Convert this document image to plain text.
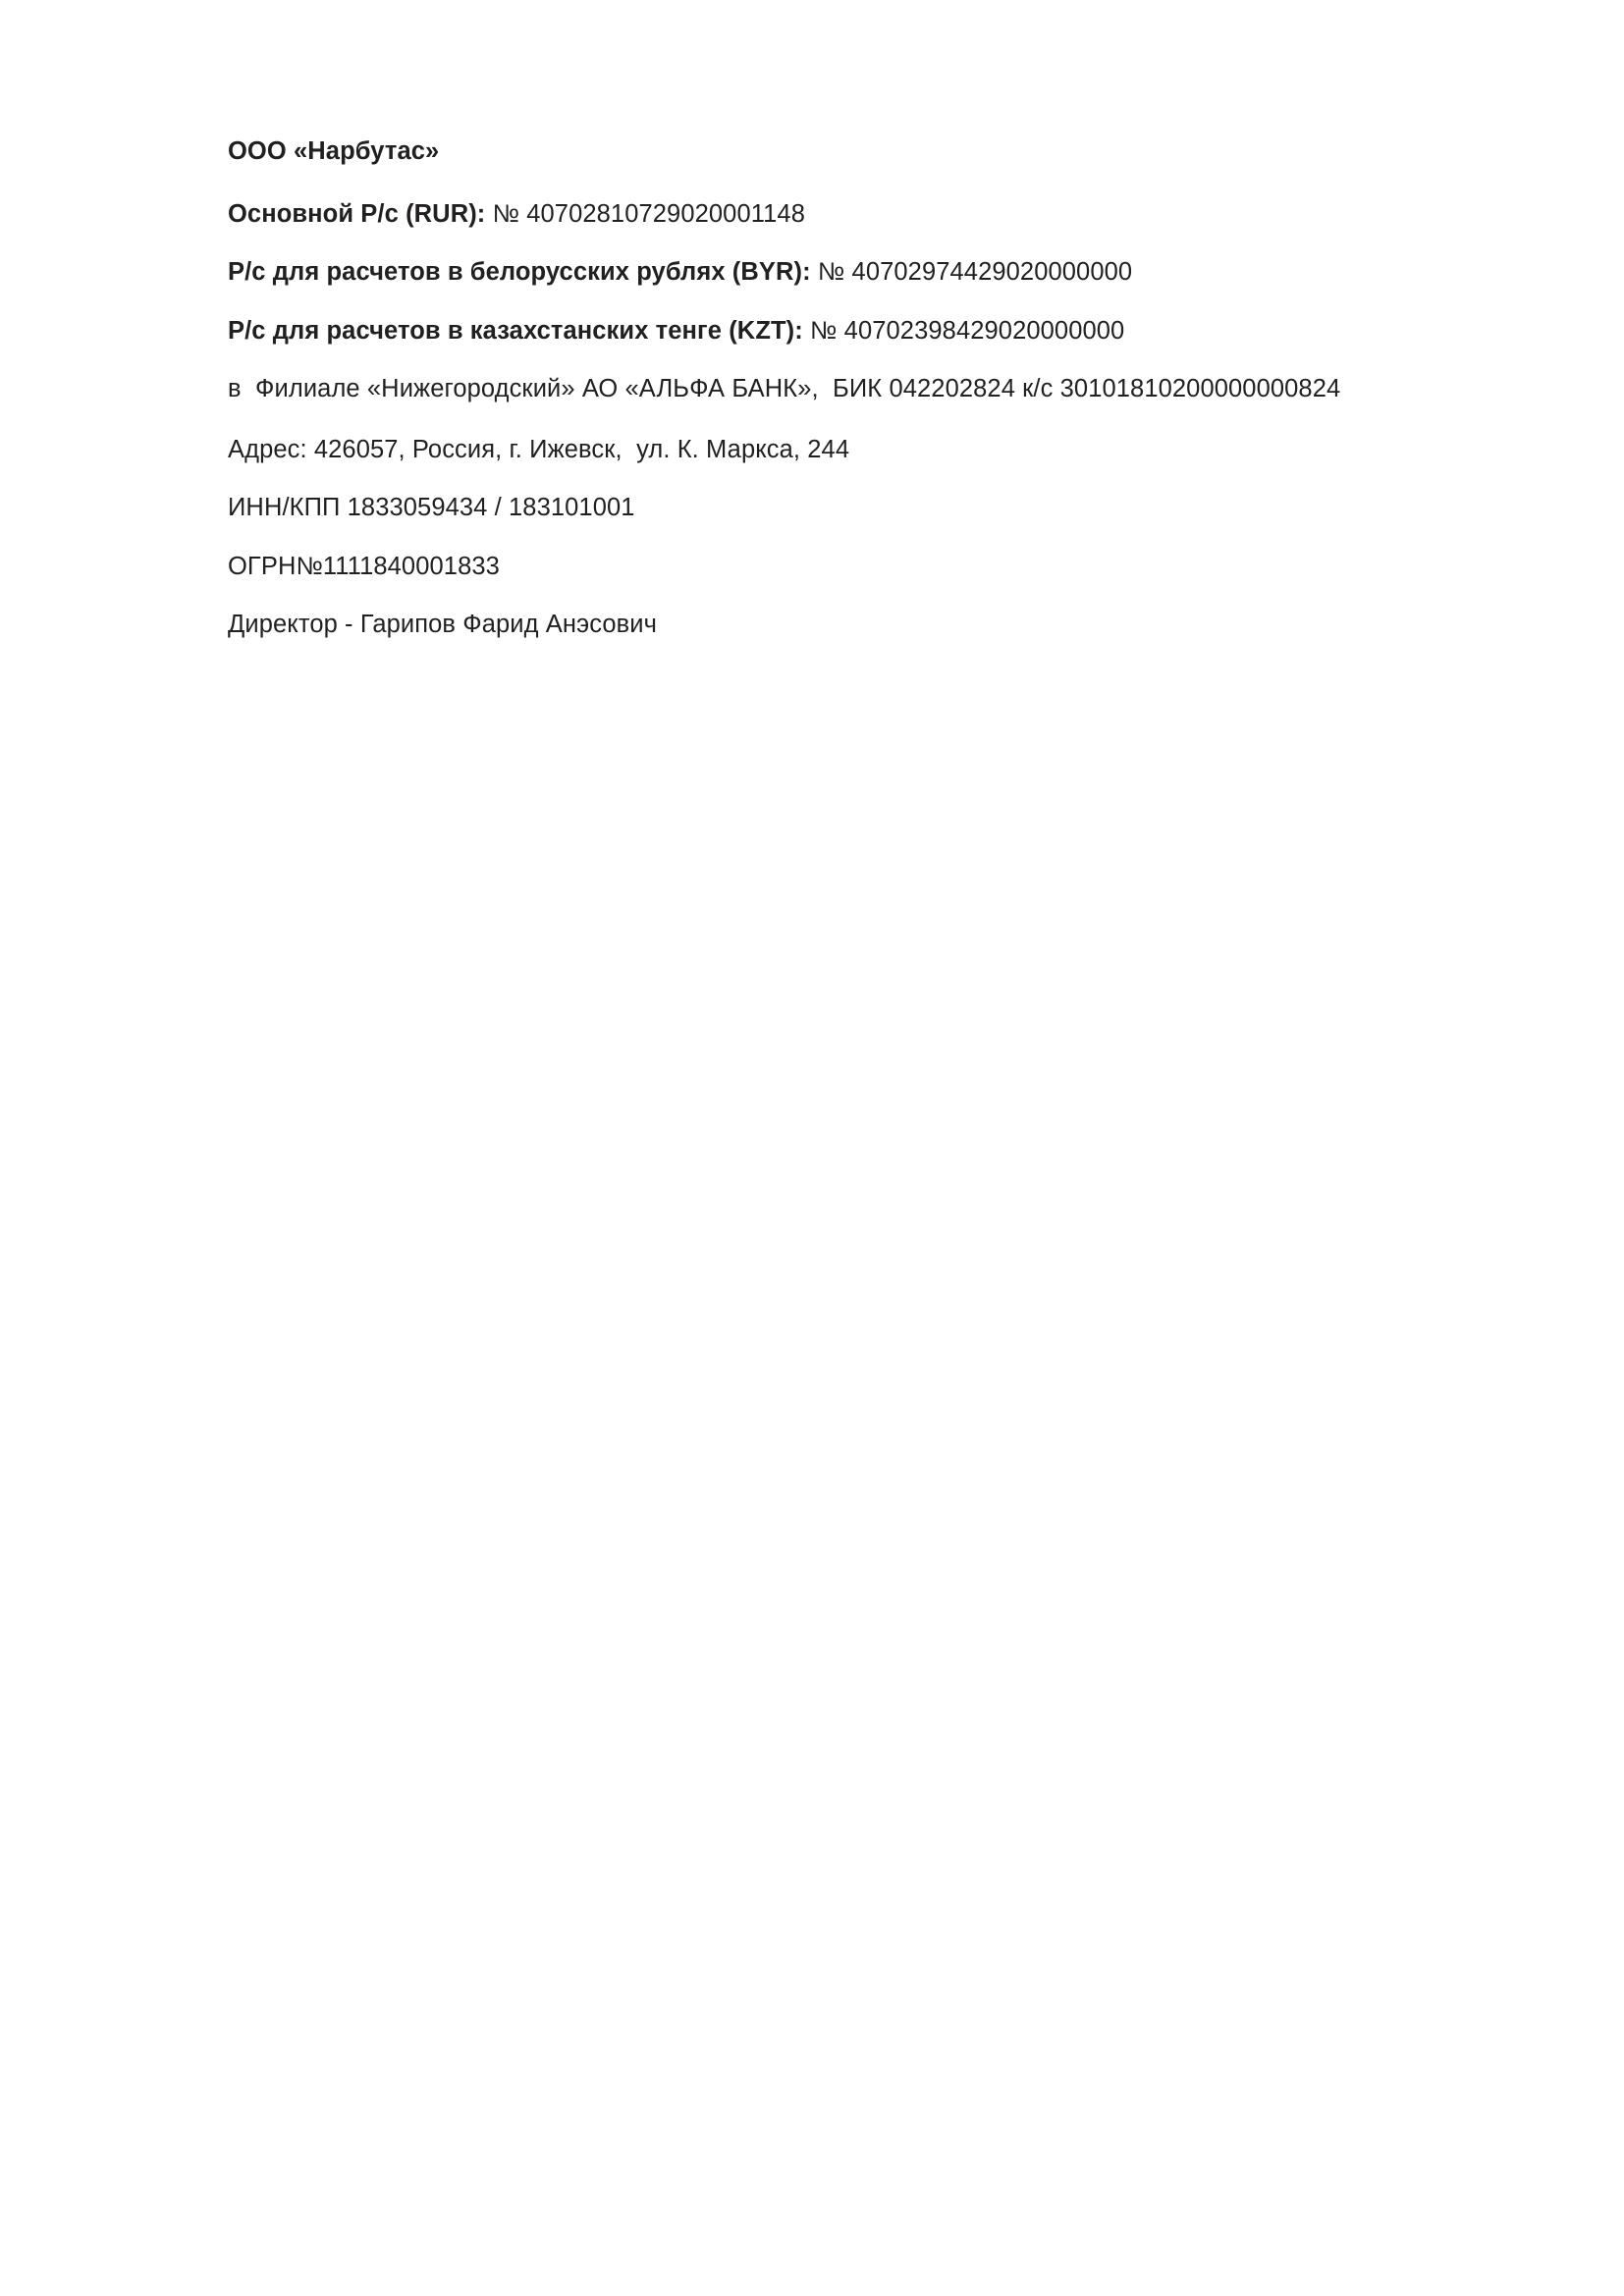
ООО «Нарбутас»

Основной Р/с (RUR): № 40702810729020001148

Р/с для расчетов в белорусских рублях (BYR): № 40702974429020000000

Р/с для расчетов в казахстанских тенге (KZT): № 40702398429020000000

в  Филиале «Нижегородский» АО «АЛЬФА БАНК»,  БИК 042202824 к/с 30101810200000000824

Адрес: 426057, Россия, г. Ижевск,  ул. К. Маркса, 244

ИНН/КПП 1833059434 / 183101001

ОГРН№1111840001833

Директор - Гарипов Фарид Анэсович
